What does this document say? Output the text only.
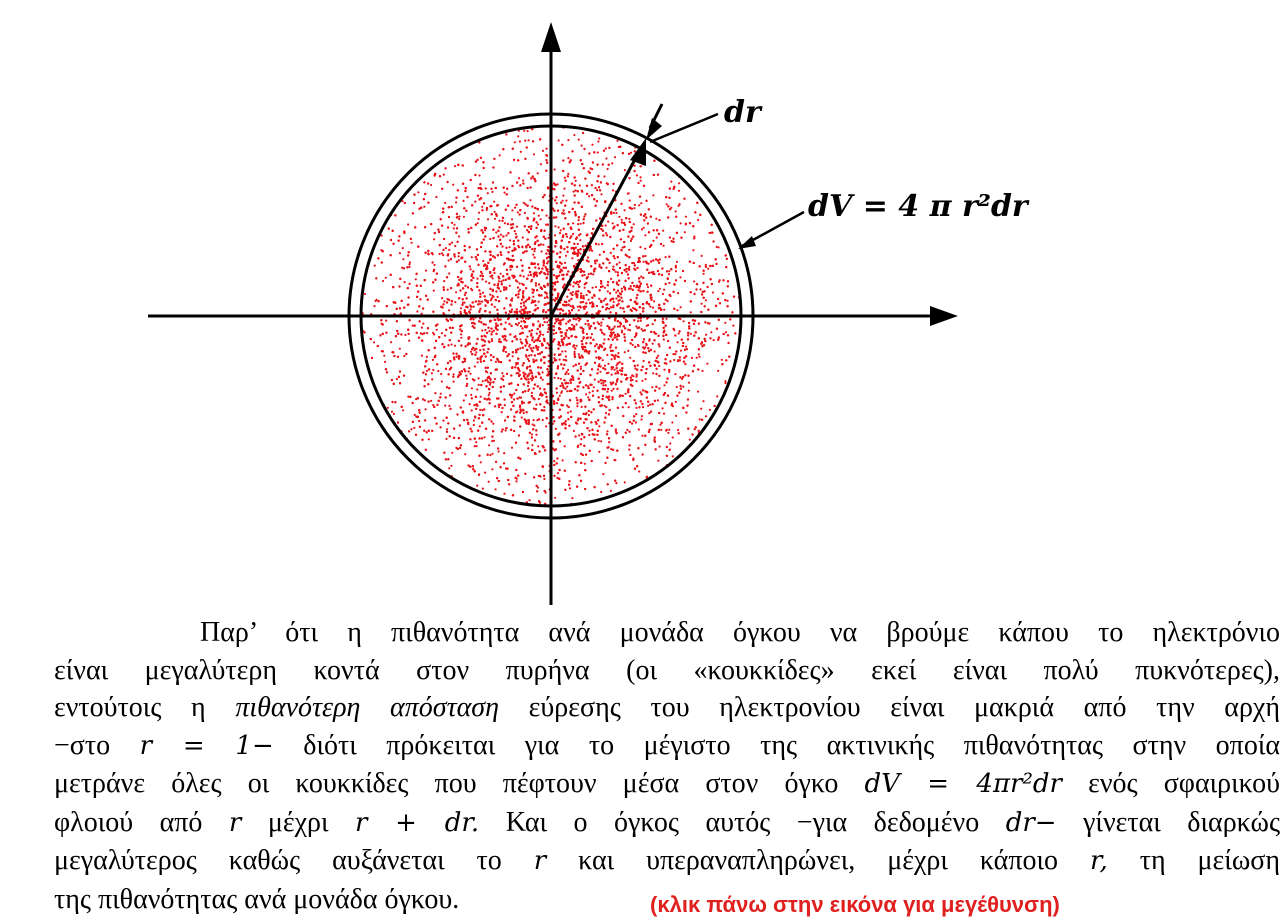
dr
dV = 4 π r²dr

Παρ’ ότι η πιθανότητα ανά μονάδα όγκου να βρούμε κάπου το ηλεκτρόνιο
είναι μεγαλύτερη κοντά στον πυρήνα (οι «κουκκίδες» εκεί είναι πολύ πυκνότερες),
εντούτοις η πιθανότερη απόσταση εύρεσης του ηλεκτρονίου είναι μακριά από την αρχή
−στο r = 1− διότι πρόκειται για το μέγιστο της ακτινικής πιθανότητας στην οποία
μετράνε όλες οι κουκκίδες που πέφτουν μέσα στον όγκο dV = 4πr²dr ενός σφαιρικού
φλοιού από r μέχρι r + dr. Και ο όγκος αυτός −για δεδομένο dr− γίνεται διαρκώς
μεγαλύτερος καθώς αυξάνεται το r και υπεραναπληρώνει, μέχρι κάποιο r, τη μείωση
της πιθανότητας ανά μονάδα όγκου.	(κλικ πάνω στην εικόνα για μεγέθυνση)
